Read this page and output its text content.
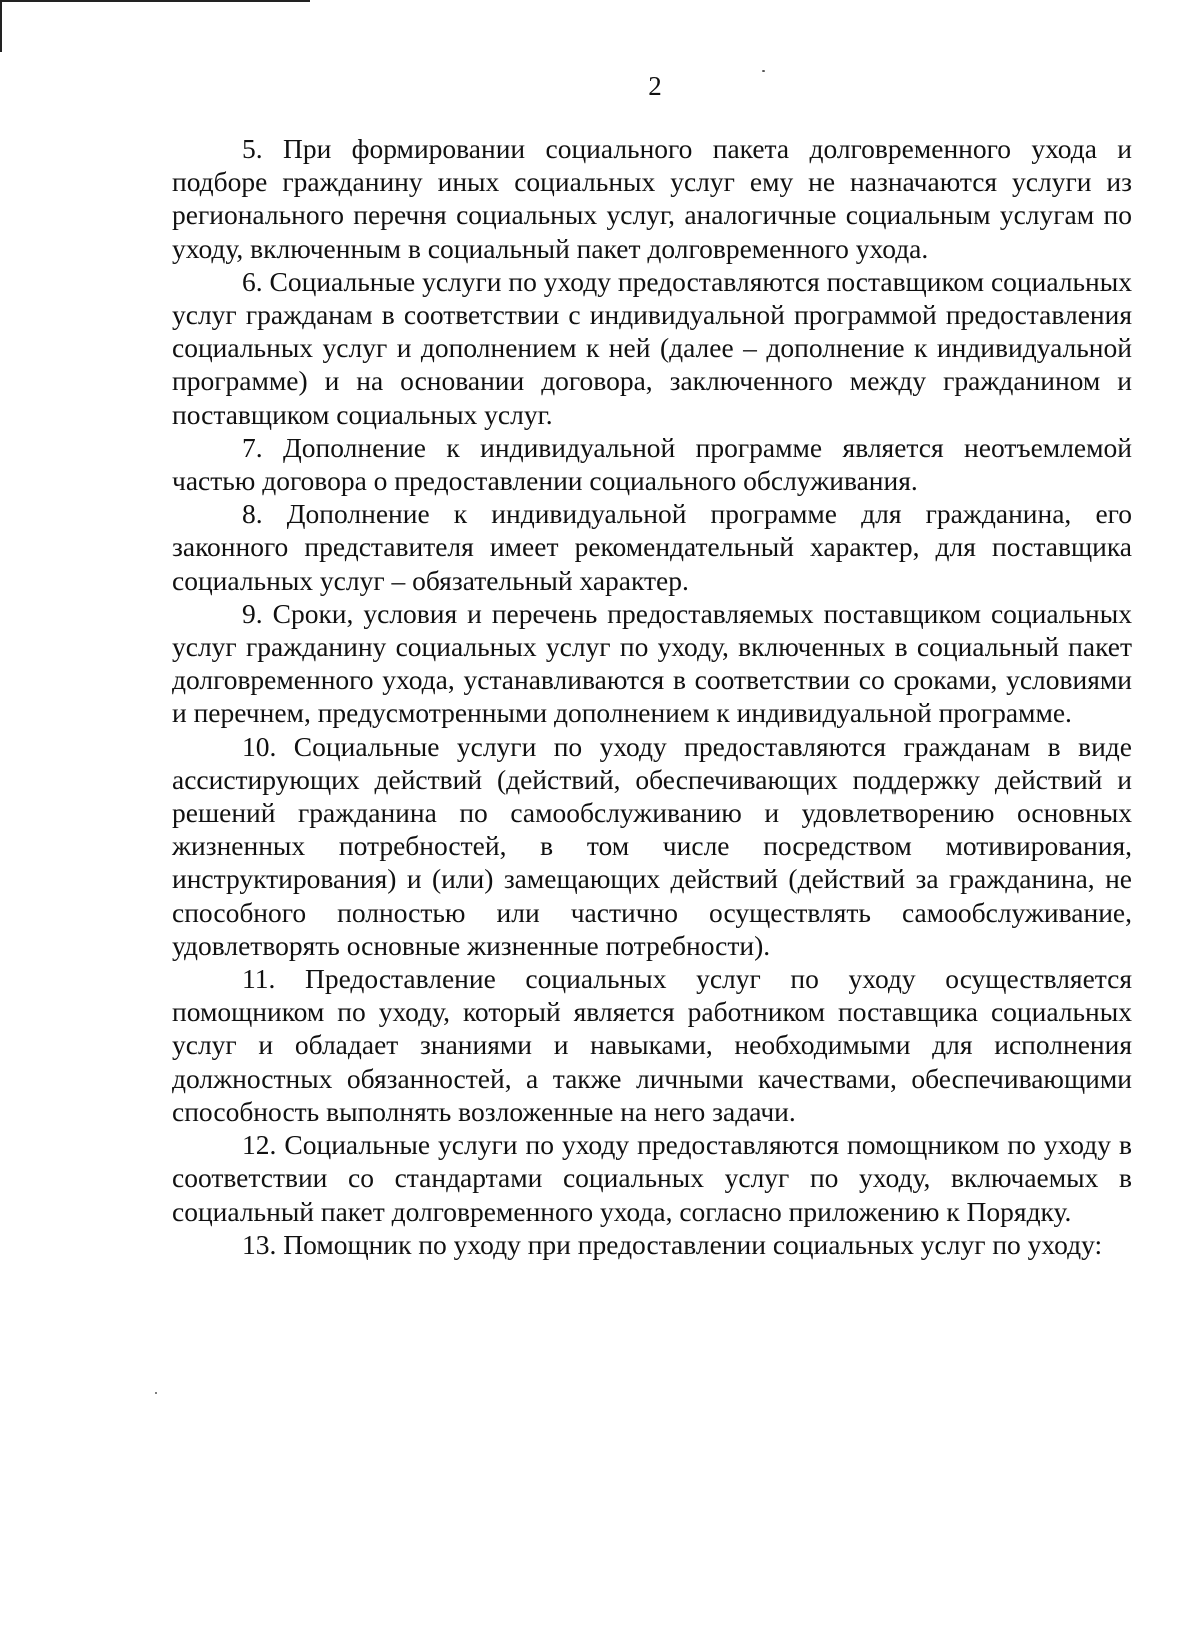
2

5. При формировании социального пакета долговременного ухода и подборе гражданину иных социальных услуг ему не назначаются услуги из регионального перечня социальных услуг, аналогичные социальным услугам по уходу, включенным в социальный пакет долговременного ухода.

6. Социальные услуги по уходу предоставляются поставщиком социальных услуг гражданам в соответствии с индивидуальной программой предоставления социальных услуг и дополнением к ней (далее – дополнение к индивидуальной программе) и на основании договора, заключенного между гражданином и поставщиком социальных услуг.

7. Дополнение к индивидуальной программе является неотъемлемой частью договора о предоставлении социального обслуживания.

8. Дополнение к индивидуальной программе для гражданина, его законного представителя имеет рекомендательный характер, для поставщика социальных услуг – обязательный характер.

9. Сроки, условия и перечень предоставляемых поставщиком социальных услуг гражданину социальных услуг по уходу, включенных в социальный пакет долговременного ухода, устанавливаются в соответствии со сроками, условиями и перечнем, предусмотренными дополнением к индивидуальной программе.

10. Социальные услуги по уходу предоставляются гражданам в виде ассистирующих действий (действий, обеспечивающих поддержку действий и решений гражданина по самообслуживанию и удовлетворению основных жизненных потребностей, в том числе посредством мотивирования, инструктирования) и (или) замещающих действий (действий за гражданина, не способного полностью или частично осуществлять самообслуживание, удовлетворять основные жизненные потребности).

11. Предоставление социальных услуг по уходу осуществляется помощником по уходу, который является работником поставщика социальных услуг и обладает знаниями и навыками, необходимыми для исполнения должностных обязанностей, а также личными качествами, обеспечивающими способность выполнять возложенные на него задачи.

12. Социальные услуги по уходу предоставляются помощником по уходу в соответствии со стандартами социальных услуг по уходу, включаемых в социальный пакет долговременного ухода, согласно приложению к Порядку.

13. Помощник по уходу при предоставлении социальных услуг по уходу:
